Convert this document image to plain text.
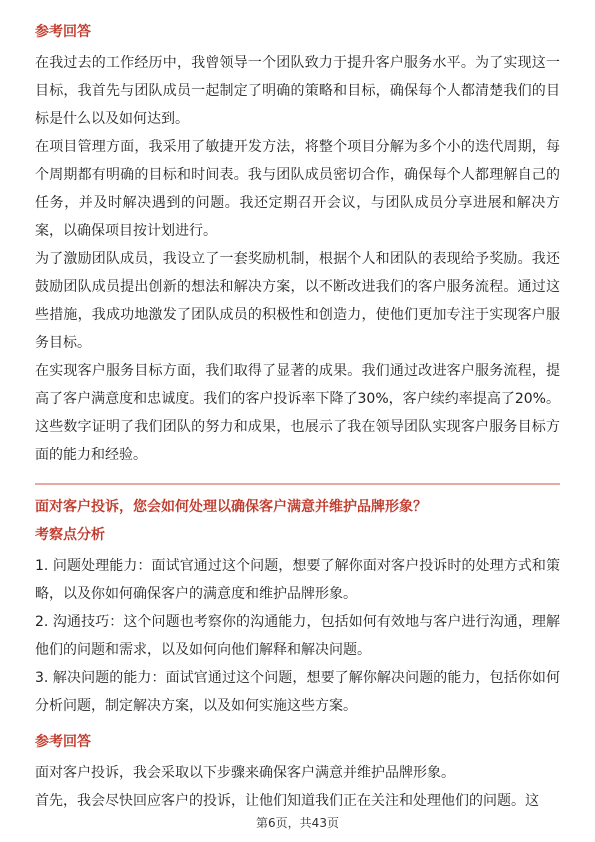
参考回答

在我过去的工作经历中，我曾领导一个团队致力于提升客户服务水平。为了实现这一目标，我首先与团队成员一起制定了明确的策略和目标，确保每个人都清楚我们的目标是什么以及如何达到。

在项目管理方面，我采用了敏捷开发方法，将整个项目分解为多个小的迭代周期，每个周期都有明确的目标和时间表。我与团队成员密切合作，确保每个人都理解自己的任务，并及时解决遇到的问题。我还定期召开会议，与团队成员分享进展和解决方案，以确保项目按计划进行。

为了激励团队成员，我设立了一套奖励机制，根据个人和团队的表现给予奖励。我还鼓励团队成员提出创新的想法和解决方案，以不断改进我们的客户服务流程。通过这些措施，我成功地激发了团队成员的积极性和创造力，使他们更加专注于实现客户服务目标。

在实现客户服务目标方面，我们取得了显著的成果。我们通过改进客户服务流程，提高了客户满意度和忠诚度。我们的客户投诉率下降了30%，客户续约率提高了20%。这些数字证明了我们团队的努力和成果，也展示了我在领导团队实现客户服务目标方面的能力和经验。

面对客户投诉，您会如何处理以确保客户满意并维护品牌形象？
考察点分析

1. 问题处理能力：面试官通过这个问题，想要了解你面对客户投诉时的处理方式和策略，以及你如何确保客户的满意度和维护品牌形象。

2. 沟通技巧：这个问题也考察你的沟通能力，包括如何有效地与客户进行沟通，理解他们的问题和需求，以及如何向他们解释和解决问题。

3. 解决问题的能力：面试官通过这个问题，想要了解你解决问题的能力，包括你如何分析问题，制定解决方案，以及如何实施这些方案。

参考回答

面对客户投诉，我会采取以下步骤来确保客户满意并维护品牌形象。

首先，我会尽快回应客户的投诉，让他们知道我们正在关注和处理他们的问题。这

第6页，共43页
